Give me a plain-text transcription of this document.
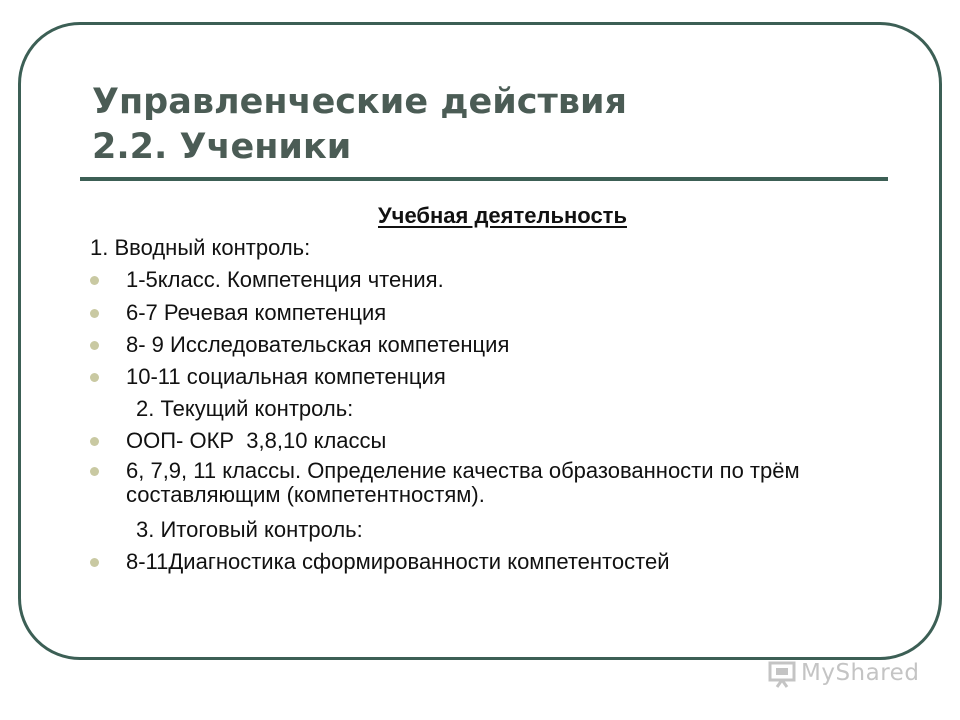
Управленческие действия
2.2. Ученики
Учебная деятельность
1. Вводный контроль:
1-5класс. Компетенция чтения.
6-7 Речевая компетенция
8- 9 Исследовательская компетенция
10-11 социальная компетенция
2. Текущий контроль:
ООП- ОКР  3,8,10 классы
6, 7,9, 11 классы. Определение качества образованности по трём составляющим (компетентностям).
3. Итоговый контроль:
8-11Диагностика сформированности компетентостей
MyShared
